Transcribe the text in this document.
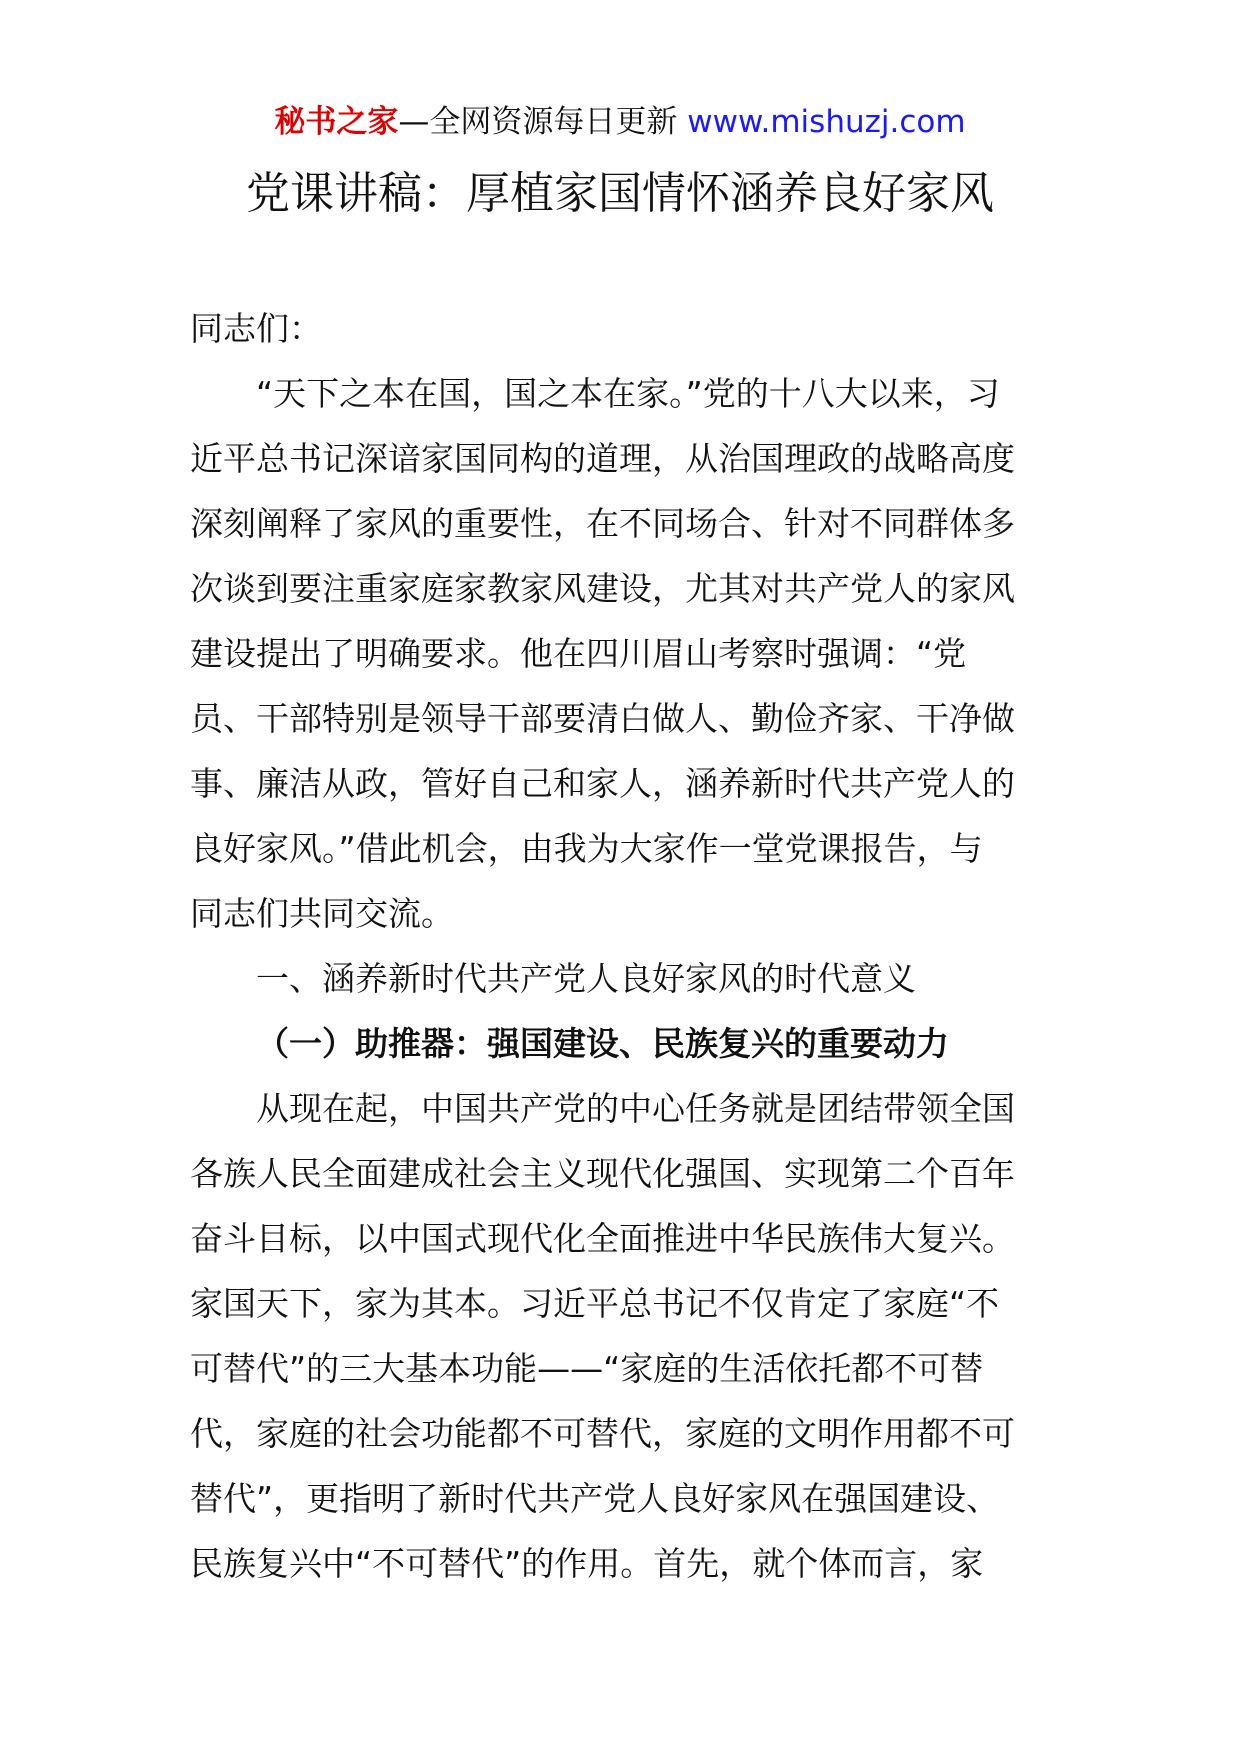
秘书之家—全网资源每日更新 www.mishuzj.com
党课讲稿：厚植家国情怀涵养良好家风
同志们：
“天下之本在国，国之本在家。”党的十八大以来，习
近平总书记深谙家国同构的道理，从治国理政的战略高度
深刻阐释了家风的重要性，在不同场合、针对不同群体多
次谈到要注重家庭家教家风建设，尤其对共产党人的家风
建设提出了明确要求。他在四川眉山考察时强调：“党
员、干部特别是领导干部要清白做人、勤俭齐家、干净做
事、廉洁从政，管好自己和家人，涵养新时代共产党人的
良好家风。”借此机会，由我为大家作一堂党课报告，与
同志们共同交流。
一、涵养新时代共产党人良好家风的时代意义
（一）助推器：强国建设、民族复兴的重要动力
从现在起，中国共产党的中心任务就是团结带领全国
各族人民全面建成社会主义现代化强国、实现第二个百年
奋斗目标，以中国式现代化全面推进中华民族伟大复兴。
家国天下，家为其本。习近平总书记不仅肯定了家庭“不
可替代”的三大基本功能——“家庭的生活依托都不可替
代，家庭的社会功能都不可替代，家庭的文明作用都不可
替代”，更指明了新时代共产党人良好家风在强国建设、
民族复兴中“不可替代”的作用。首先，就个体而言，家
